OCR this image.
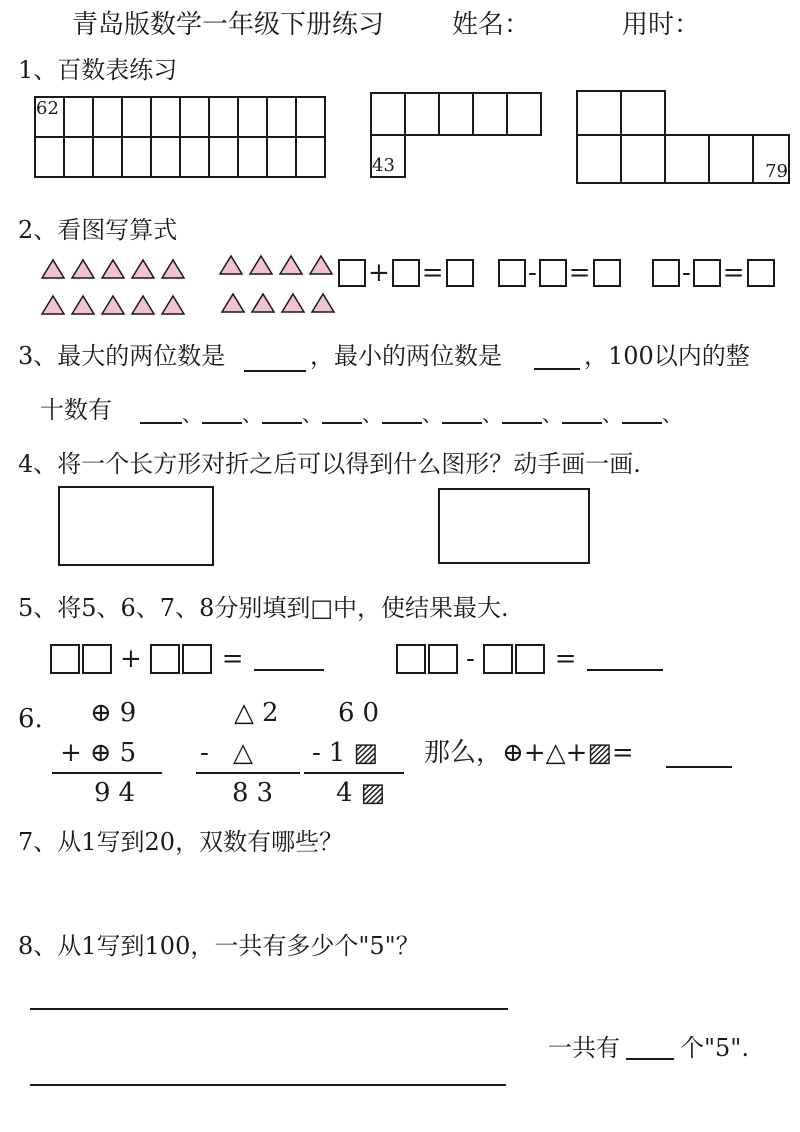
青岛版数学一年级下册练习	姓名：	用时：
1、百数表练习
62									

43				

					79
2、看图写算式
+ =	- =	- =
3、最大的两位数是	，最小的两位数是	，100以内的整
十数有	、 、 、 、 、 、 、 、 、
4、将一个长方形对折之后可以得到什么图形？动手画一画.
5、将5、6、7、8分别填到□中，使结果最大.
+	=	-	=
6. ⊕9
+⊕5
94
△2
- △
83
60
-1▨
4▨
那么，⊕+△+▨=
7、从1写到20，双数有哪些？
8、从1写到100，一共有多少个"5"？
一共有	个"5".
